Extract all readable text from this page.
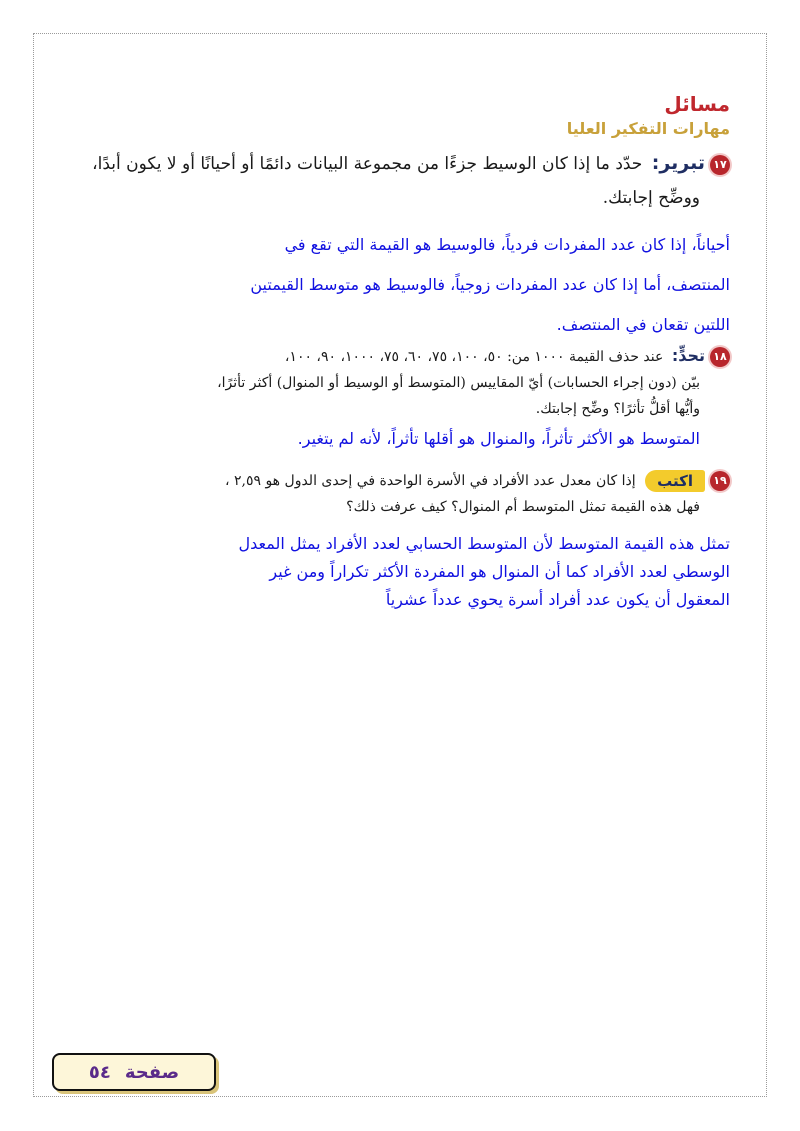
مسائل
مهارات التفكير العليا
١٧تبرير: حدّد ما إذا كان الوسيط جزءًا من مجموعة البيانات دائمًا أو أحيانًا أو لا يكون أبدًا،
ووضِّح إجابتك.
أحياناً، إذا كان عدد المفردات فردياً، فالوسيط هو القيمة التي تقع في
المنتصف، أما إذا كان عدد المفردات زوجياً، فالوسيط هو متوسط القيمتين
اللتين تقعان في المنتصف.
١٨تحدٍّ: عند حذف القيمة ١٠٠٠ من: ٥٠، ١٠٠، ٧٥، ٦٠، ٧٥، ١٠٠٠، ٩٠، ١٠٠،
بيّن (دون إجراء الحسابات) أيّ المقاييس (المتوسط أو الوسيط أو المنوال) أكثر تأثرًا،
وأيُّها أقلُّ تأثرًا؟ وضِّح إجابتك.
المتوسط هو الأكثر تأثراً، والمنوال هو أقلها تأثراً، لأنه لم يتغير.
١٩اكتب إذا كان معدل عدد الأفراد في الأسرة الواحدة في إحدى الدول هو ٢,٥٩ ،
فهل هذه القيمة تمثل المتوسط أم المنوال؟ كيف عرفت ذلك؟
تمثل هذه القيمة المتوسط لأن المتوسط الحسابي لعدد الأفراد يمثل المعدل
الوسطي لعدد الأفراد كما أن المنوال هو المفردة الأكثر تكراراً ومن غير
المعقول أن يكون عدد أفراد أسرة يحوي عدداً عشرياً
صفحة
٥٤
